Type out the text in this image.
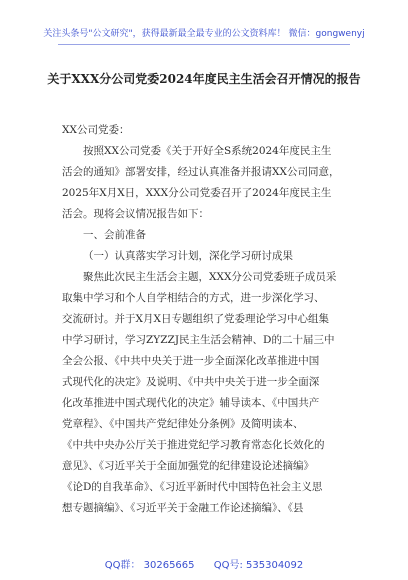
关注头条号"公文研究"，获得最新最全最专业的公文资料库！ 微信：gongwenyj
关于XXX分公司党委2024年度民主生活会召开情况的报告
XX公司党委：
按照XX公司党委《关于开好全S系统2024年度民主生
活会的通知》部署安排，经过认真准备并报请XX公司同意，
2025年X月X日，XXX分公司党委召开了2024年度民主生
活会。现将会议情况报告如下：
一、会前准备
（一）认真落实学习计划，深化学习研讨成果
聚焦此次民主生活会主题，XXX分公司党委班子成员采
取集中学习和个人自学相结合的方式，进一步深化学习、
交流研讨。并于X月X日专题组织了党委理论学习中心组集
中学习研讨，学习ZYZZJ民主生活会精神、D的二十届三中
全会公报、《中共中央关于进一步全面深化改革推进中国
式现代化的决定》及说明、《中共中央关于进一步全面深
化改革推进中国式现代化的决定》辅导读本、《中国共产
党章程》、《中国共产党纪律处分条例》及简明读本、
《中共中央办公厅关于推进党纪学习教育常态化长效化的
意见》、《习近平关于全面加强党的纪律建设论述摘编》
《论D的自我革命》、《习近平新时代中国特色社会主义思
想专题摘编》、《习近平关于金融工作论述摘编》、《县
QQ群： 30265665 QQ号: 535304092
